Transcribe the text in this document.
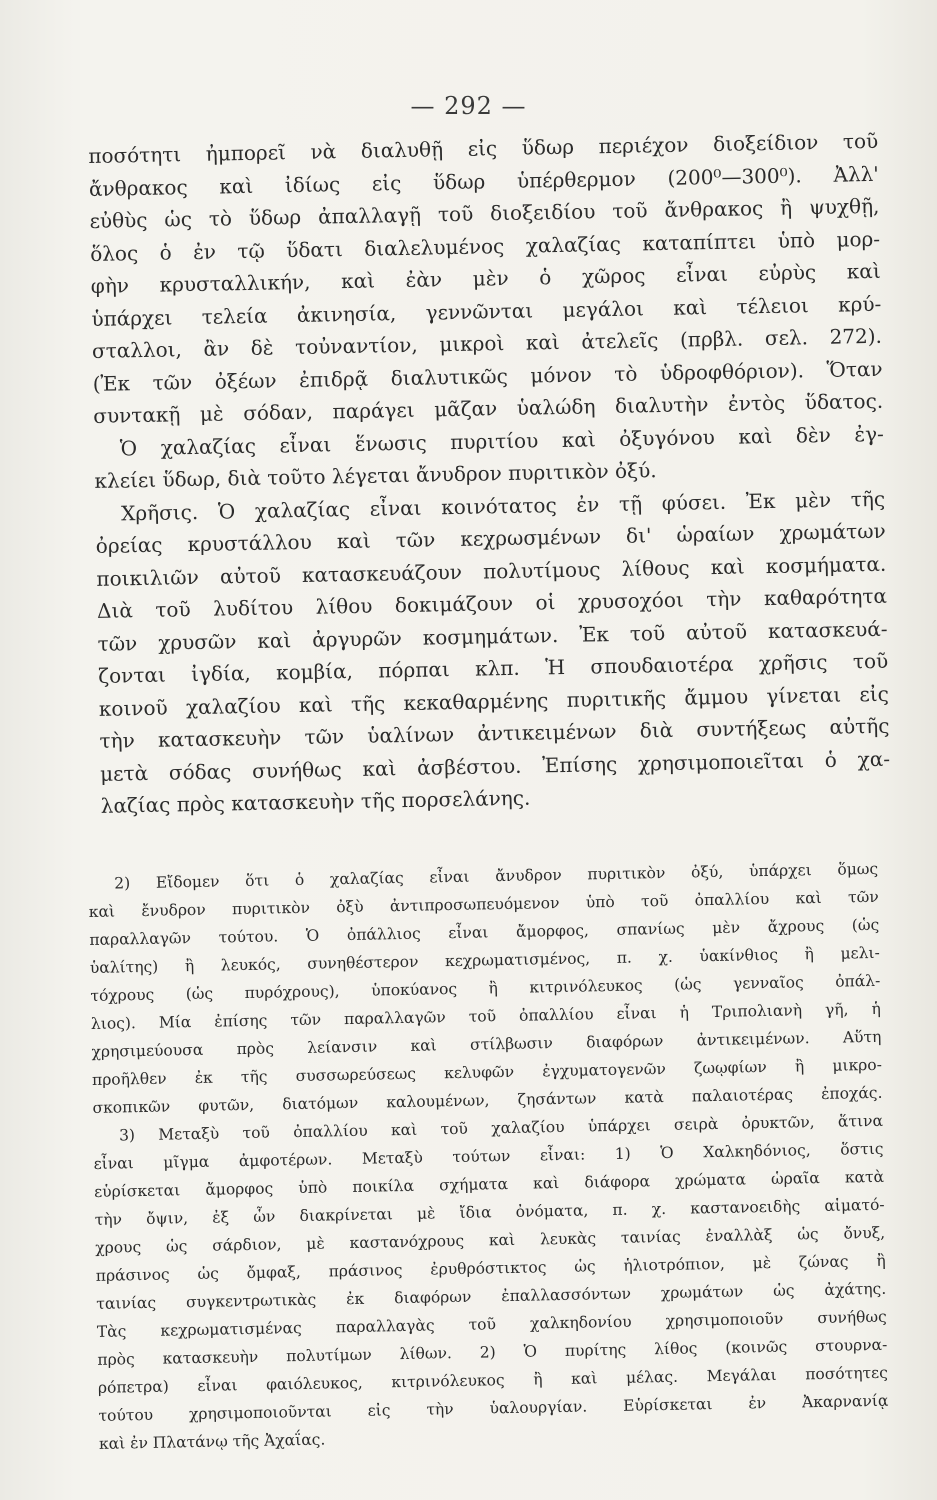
— 292 —
ποσότητι ἠμπορεῖ νὰ διαλυθῇ εἰς ὕδωρ περιέχον διοξείδιον τοῦ
ἄνθρακος καὶ ἰδίως εἰς ὕδωρ ὑπέρθερμον (200⁰—300⁰). Ἀλλ'
εὐθὺς ὡς τὸ ὕδωρ ἀπαλλαγῇ τοῦ διοξειδίου τοῦ ἄνθρακος ἢ ψυχθῇ,
ὅλος ὁ ἐν τῷ ὕδατι διαλελυμένος χαλαζίας καταπίπτει ὑπὸ μορ-
φὴν κρυσταλλικήν, καὶ ἐὰν μὲν ὁ χῶρος εἶναι εὐρὺς καὶ
ὑπάρχει τελεία ἀκινησία, γεννῶνται μεγάλοι καὶ τέλειοι κρύ-
σταλλοι, ἂν δὲ τοὐναντίον, μικροὶ καὶ ἀτελεῖς (πρβλ. σελ. 272).
(Ἐκ τῶν ὀξέων ἐπιδρᾷ διαλυτικῶς μόνον τὸ ὑδροφθόριον). Ὅταν
συντακῇ μὲ σόδαν, παράγει μᾶζαν ὑαλώδη διαλυτὴν ἐντὸς ὕδατος.
Ὁ χαλαζίας εἶναι ἕνωσις πυριτίου καὶ ὀξυγόνου καὶ δὲν ἐγ-
κλείει ὕδωρ, διὰ τοῦτο λέγεται ἄνυδρον πυριτικὸν ὀξύ.
Χρῆσις. Ὁ χαλαζίας εἶναι κοινότατος ἐν τῇ φύσει. Ἐκ μὲν τῆς
ὀρείας κρυστάλλου καὶ τῶν κεχρωσμένων δι' ὡραίων χρωμάτων
ποικιλιῶν αὐτοῦ κατασκευάζουν πολυτίμους λίθους καὶ κοσμήματα.
Διὰ τοῦ λυδίτου λίθου δοκιμάζουν οἱ χρυσοχόοι τὴν καθαρότητα
τῶν χρυσῶν καὶ ἀργυρῶν κοσμημάτων. Ἐκ τοῦ αὐτοῦ κατασκευά-
ζονται ἰγδία, κομβία, πόρπαι κλπ. Ἡ σπουδαιοτέρα χρῆσις τοῦ
κοινοῦ χαλαζίου καὶ τῆς κεκαθαρμένης πυριτικῆς ἄμμου γίνεται εἰς
τὴν κατασκευὴν τῶν ὑαλίνων ἀντικειμένων διὰ συντήξεως αὐτῆς
μετὰ σόδας συνήθως καὶ ἀσβέστου. Ἐπίσης χρησιμοποιεῖται ὁ χα-
λαζίας πρὸς κατασκευὴν τῆς πορσελάνης.
2) Εἴδομεν ὅτι ὁ χαλαζίας εἶναι ἄνυδρον πυριτικὸν ὀξύ, ὑπάρχει ὅμως
καὶ ἔνυδρον πυριτικὸν ὀξὺ ἀντιπροσωπευόμενον ὑπὸ τοῦ ὀπαλλίου καὶ τῶν
παραλλαγῶν τούτου. Ὁ ὀπάλλιος εἶναι ἄμορφος, σπανίως μὲν ἄχρους (ὡς
ὑαλίτης) ἢ λευκός, συνηθέστερον κεχρωματισμένος, π. χ. ὑακίνθιος ἢ μελι-
τόχρους (ὡς πυρόχρους), ὑποκύανος ἢ κιτρινόλευκος (ὡς γενναῖος ὀπάλ-
λιος). Μία ἐπίσης τῶν παραλλαγῶν τοῦ ὀπαλλίου εἶναι ἡ Τριπολιανὴ γῆ, ἡ
χρησιμεύουσα πρὸς λείανσιν καὶ στίλβωσιν διαφόρων ἀντικειμένων. Αὕτη
προῆλθεν ἐκ τῆς συσσωρεύσεως κελυφῶν ἐγχυματογενῶν ζωῳφίων ἢ μικρο-
σκοπικῶν φυτῶν, διατόμων καλουμένων, ζησάντων κατὰ παλαιοτέρας ἐποχάς.
3) Μεταξὺ τοῦ ὀπαλλίου καὶ τοῦ χαλαζίου ὑπάρχει σειρὰ ὀρυκτῶν, ἅτινα
εἶναι μῖγμα ἀμφοτέρων. Μεταξὺ τούτων εἶναι: 1) Ὁ Χαλκηδόνιος, ὅστις
εὑρίσκεται ἄμορφος ὑπὸ ποικίλα σχήματα καὶ διάφορα χρώματα ὡραῖα κατὰ
τὴν ὄψιν, ἐξ ὧν διακρίνεται μὲ ἴδια ὀνόματα, π. χ. καστανοειδὴς αἱματό-
χρους ὡς σάρδιον, μὲ καστανόχρους καὶ λευκὰς ταινίας ἐναλλὰξ ὡς ὄνυξ,
πράσινος ὡς ὄμφαξ, πράσινος ἐρυθρόστικτος ὡς ἡλιοτρόπιον, μὲ ζώνας ἢ
ταινίας συγκεντρωτικὰς ἐκ διαφόρων ἐπαλλασσόντων χρωμάτων ὡς ἀχάτης.
Τὰς κεχρωματισμένας παραλλαγὰς τοῦ χαλκηδονίου χρησιμοποιοῦν συνήθως
πρὸς κατασκευὴν πολυτίμων λίθων. 2) Ὁ πυρίτης λίθος (κοινῶς στουρνα-
ρόπετρα) εἶναι φαιόλευκος, κιτρινόλευκος ἢ καὶ μέλας. Μεγάλαι ποσότητες
τούτου χρησιμοποιοῦνται εἰς τὴν ὑαλουργίαν. Εὑρίσκεται ἐν Ἀκαρνανίᾳ
καὶ ἐν Πλατάνῳ τῆς Ἀχαΐας.
